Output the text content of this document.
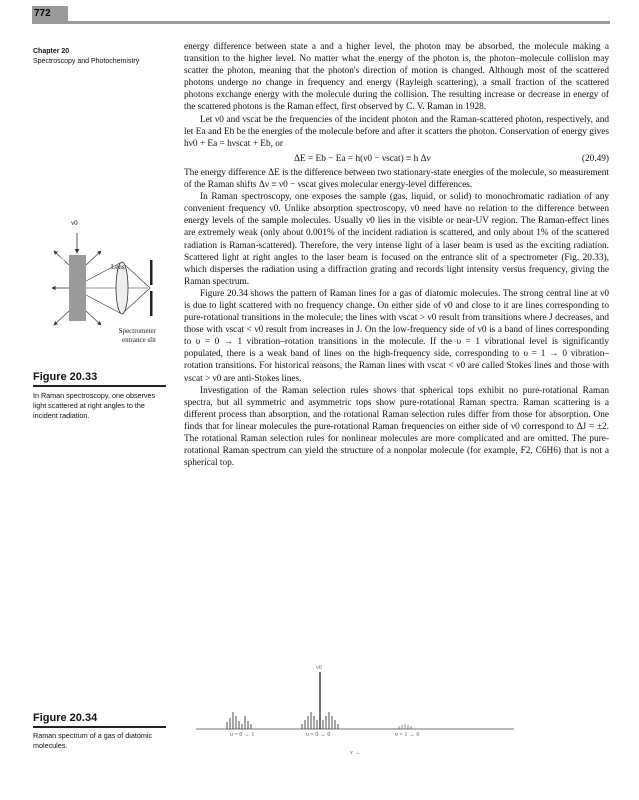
772
Chapter 20
Spectroscopy and Photochemistry

energy difference between state a and a higher level, the photon may be absorbed, the molecule making a transition to the higher level. No matter what the energy of the photon is, the photon–molecule collision may scatter the photon, meaning that the photon's direction of motion is changed. Although most of the scattered photons undergo no change in frequency and energy (Rayleigh scattering), a small fraction of the scattered photons exchange energy with the molecule during the collision. The resulting increase or decrease in energy of the scattered photons is the Raman effect, first observed by C. V. Raman in 1928.

Let ν0 and νscat be the frequencies of the incident photon and the Raman-scattered photon, respectively, and let Ea and Eb be the energies of the molecule before and after it scatters the photon. Conservation of energy gives hν0 + Ea = hνscat + Eb, or

ΔE = Eb − Ea = h(ν0 − νscat) ≡ h Δν	(20.49)

The energy difference ΔE is the difference between two stationary-state energies of the molecule, so measurement of the Raman shifts Δν ≡ ν0 − νscat gives molecular energy-level differences.

In Raman spectroscopy, one exposes the sample (gas, liquid, or solid) to monochromatic radiation of any convenient frequency ν0. Unlike absorption spectroscopy, ν0 need have no relation to the difference between energy levels of the sample molecules. Usually ν0 lies in the visible or near-UV region. The Raman-effect lines are extremely weak (only about 0.001% of the incident radiation is scattered, and only about 1% of the scattered radiation is Raman-scattered). Therefore, the very intense light of a laser beam is used as the exciting radiation. Scattered light at right angles to the laser beam is focused on the entrance slit of a spectrometer (Fig. 20.33), which disperses the radiation using a diffraction grating and records light intensity versus frequency, giving the Raman spectrum.

Figure 20.34 shows the pattern of Raman lines for a gas of diatomic molecules. The strong central line at ν0 is due to light scattered with no frequency change. On either side of ν0 and close to it are lines corresponding to pure-rotational transitions in the molecule; the lines with νscat > ν0 result from transitions where J decreases, and those with νscat < ν0 result from increases in J. On the low-frequency side of ν0 is a band of lines corresponding to υ = 0 → 1 vibration–rotation transitions in the molecule. If the υ = 1 vibrational level is significantly populated, there is a weak band of lines on the high-frequency side, corresponding to υ = 1 → 0 vibration–rotation transitions. For historical reasons, the Raman lines with νscat < ν0 are called Stokes lines and those with νscat > ν0 are anti-Stokes lines.

Investigation of the Raman selection rules shows that spherical tops exhibit no pure-rotational Raman spectra, but all symmetric and asymmetric tops show pure-rotational Raman spectra. Raman scattering is a different process than absorption, and the rotational Raman selection rules differ from those for absorption. One finds that for linear molecules the pure-rotational Raman frequencies on either side of ν0 correspond to ΔJ = ±2. The rotational Raman selection rules for nonlinear molecules are more complicated and are omitted. The pure-rotational Raman spectrum can yield the structure of a nonpolar molecule (for example, F2, C6H6) that is not a spherical top.

ν0
Sample	Lens
Spectrometer entrance slit
Figure 20.33
In Raman spectroscopy, one observes light scattered at right angles to the incident radiation.
ν0
υ = 0 → 1	υ = 0 → 0	υ = 1 → 0
ν →
Figure 20.34
Raman spectrum of a gas of diatomic molecules.
